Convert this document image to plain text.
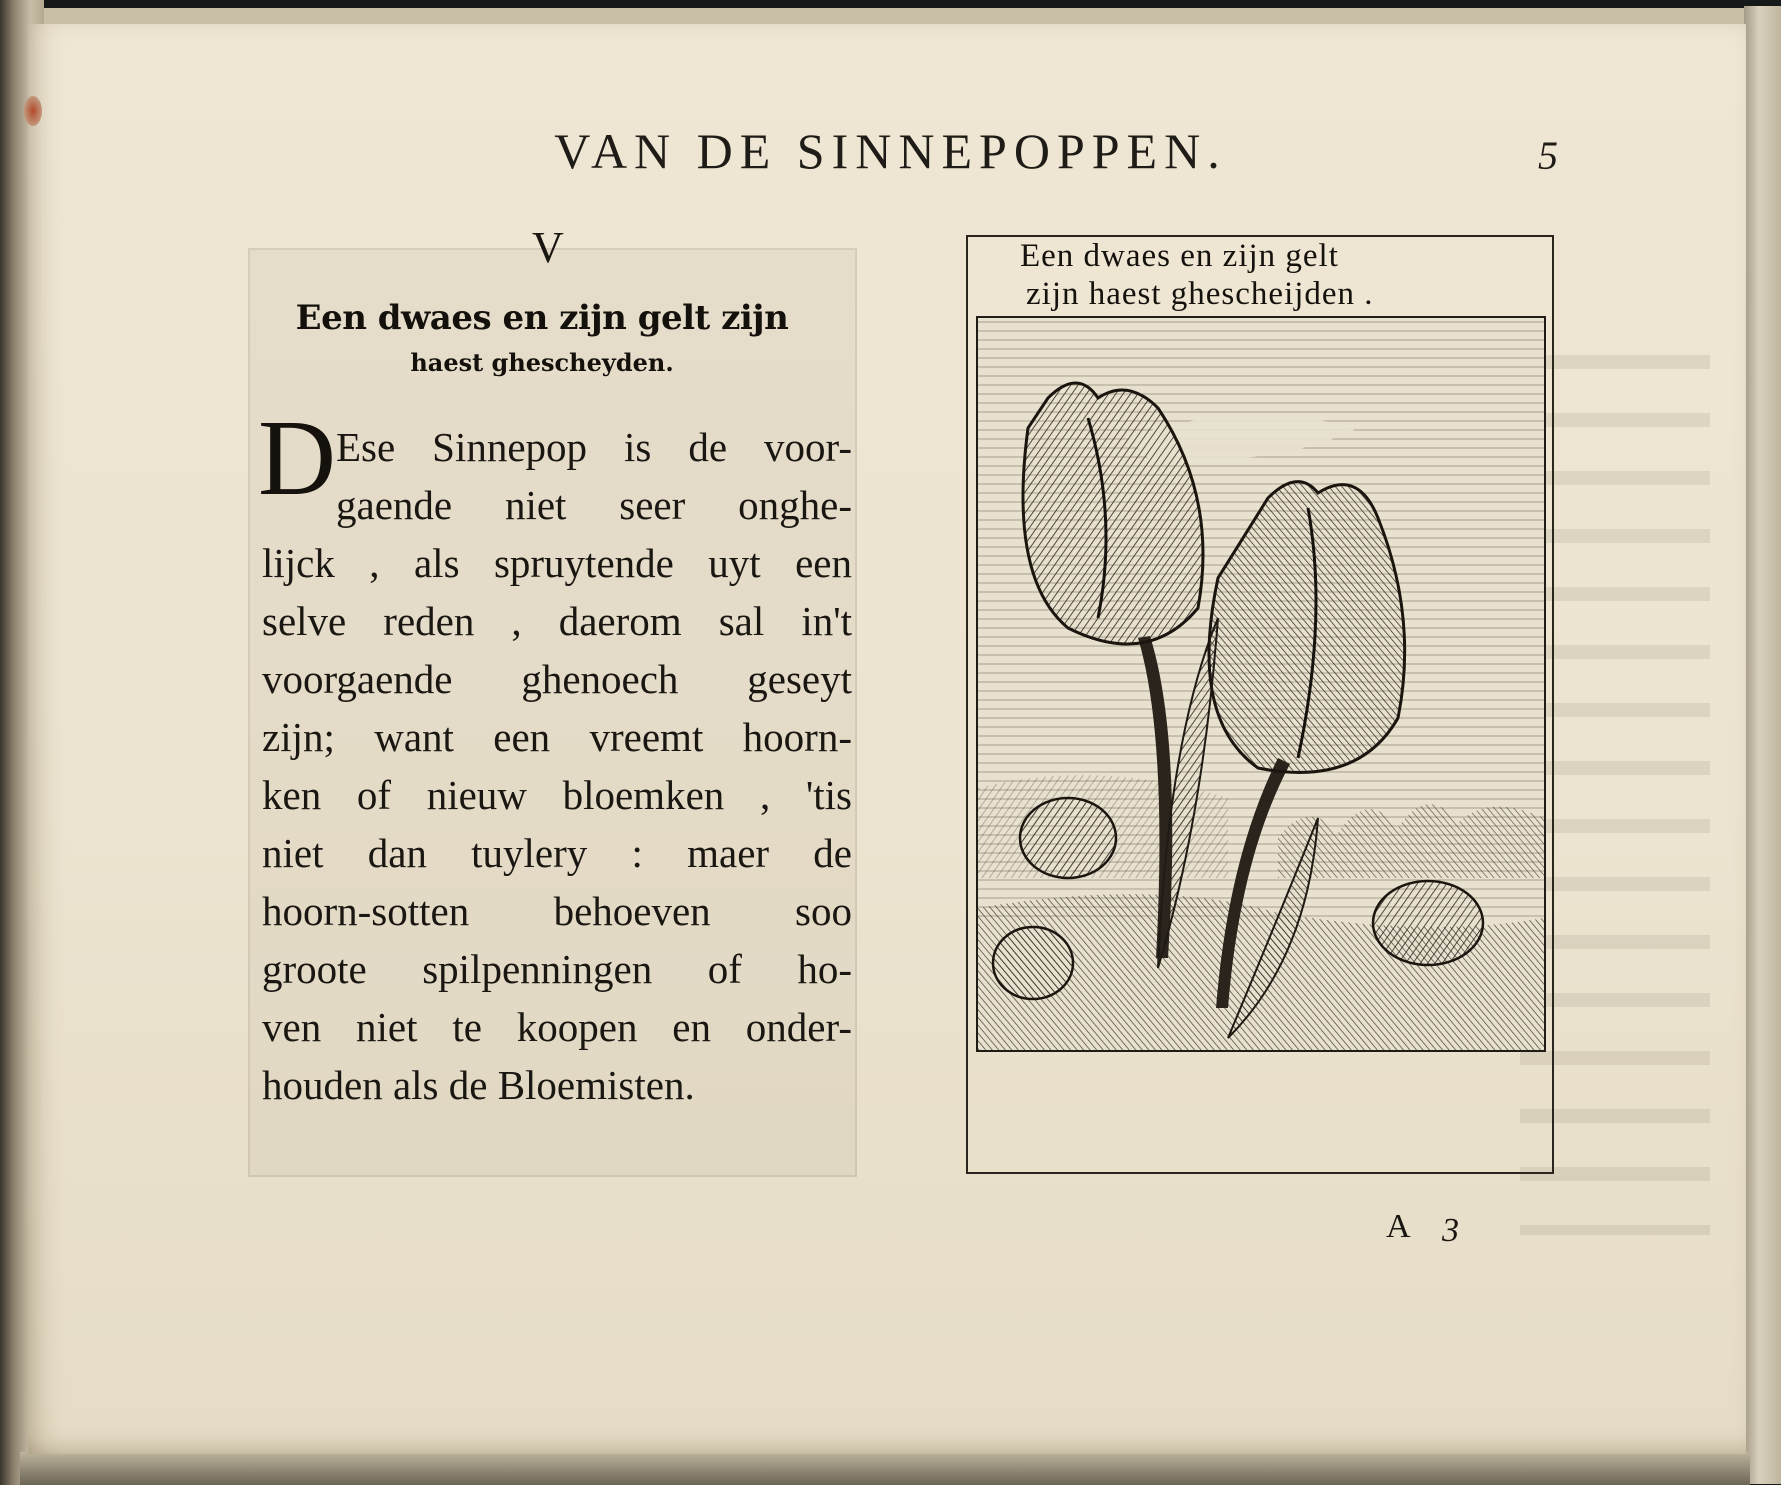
VAN DE SINNEPOPPEN.	5
V
Een dwaes en zijn gelt zijn
haest ghescheyden.
D Ese Sinnepop is de voor-
gaende niet seer onghe-
lijck , als spruytende uyt een
selve reden , daerom sal in't
voorgaende ghenoech geseyt
zijn; want een vreemt hoorn-
ken of nieuw bloemken , 'tis
niet dan tuylery : maer de
hoorn-sotten behoeven soo
groote spilpenningen of ho-
ven niet te koopen en onder-
houden als de Bloemisten.
Een dwaes en zijn gelt
zijn haest ghescheijden .
A 3
